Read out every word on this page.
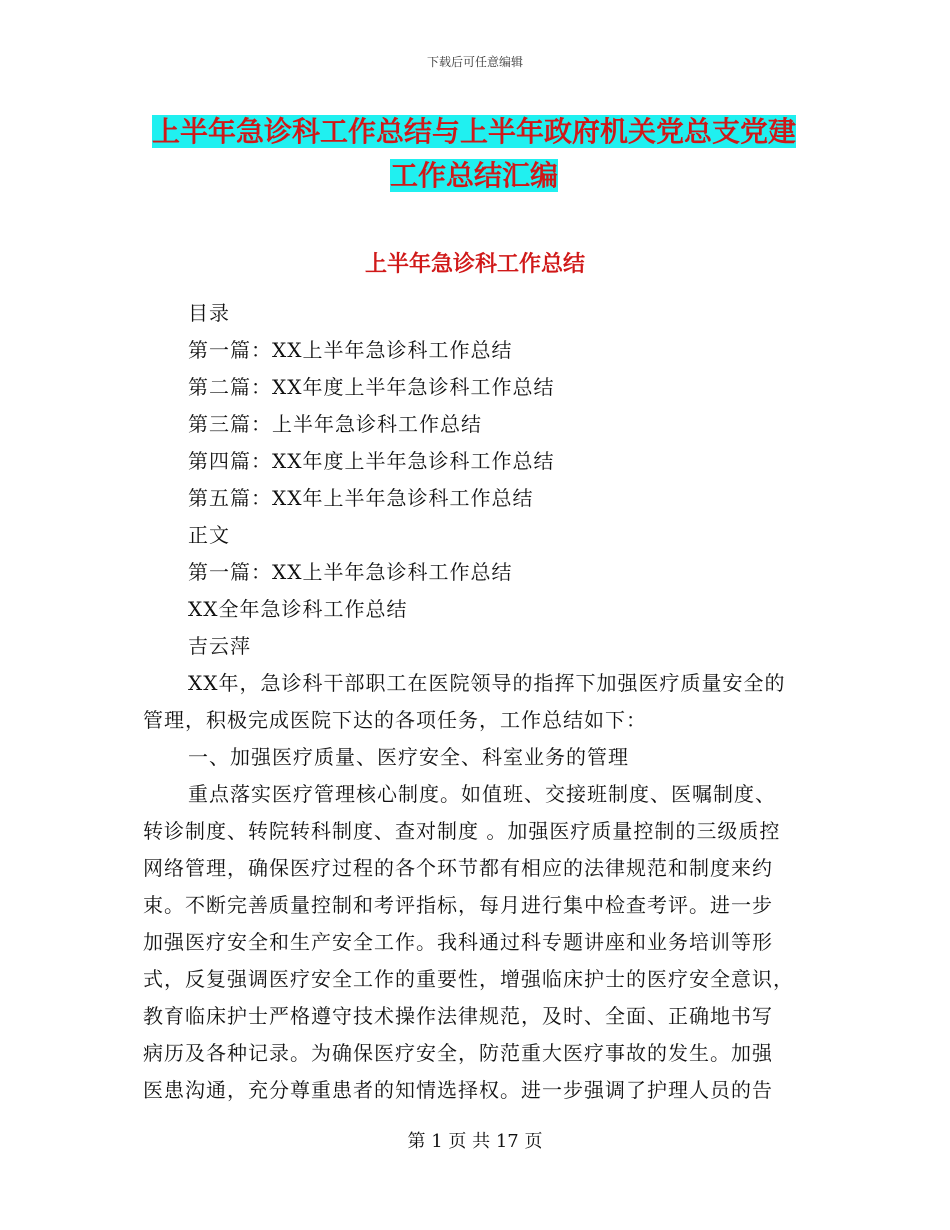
下载后可任意编辑
上半年急诊科工作总结与上半年政府机关党总支党建
工作总结汇编
上半年急诊科工作总结
目录
第一篇：XX上半年急诊科工作总结
第二篇：XX年度上半年急诊科工作总结
第三篇：上半年急诊科工作总结
第四篇：XX年度上半年急诊科工作总结
第五篇：XX年上半年急诊科工作总结
正文
第一篇：XX上半年急诊科工作总结
XX全年急诊科工作总结
吉云萍
XX年，急诊科干部职工在医院领导的指挥下加强医疗质量安全的
管理，积极完成医院下达的各项任务，工作总结如下：
一、加强医疗质量、医疗安全、科室业务的管理
重点落实医疗管理核心制度。如值班、交接班制度、医嘱制度、
转诊制度、转院转科制度、查对制度 。加强医疗质量控制的三级质控
网络管理，确保医疗过程的各个环节都有相应的法律规范和制度来约
束。不断完善质量控制和考评指标，每月进行集中检查考评。进一步
加强医疗安全和生产安全工作。我科通过科专题讲座和业务培训等形
式，反复强调医疗安全工作的重要性，增强临床护士的医疗安全意识，
教育临床护士严格遵守技术操作法律规范，及时、全面、正确地书写
病历及各种记录。为确保医疗安全，防范重大医疗事故的发生。加强
医患沟通，充分尊重患者的知情选择权。进一步强调了护理人员的告
第 1 页 共 17 页
